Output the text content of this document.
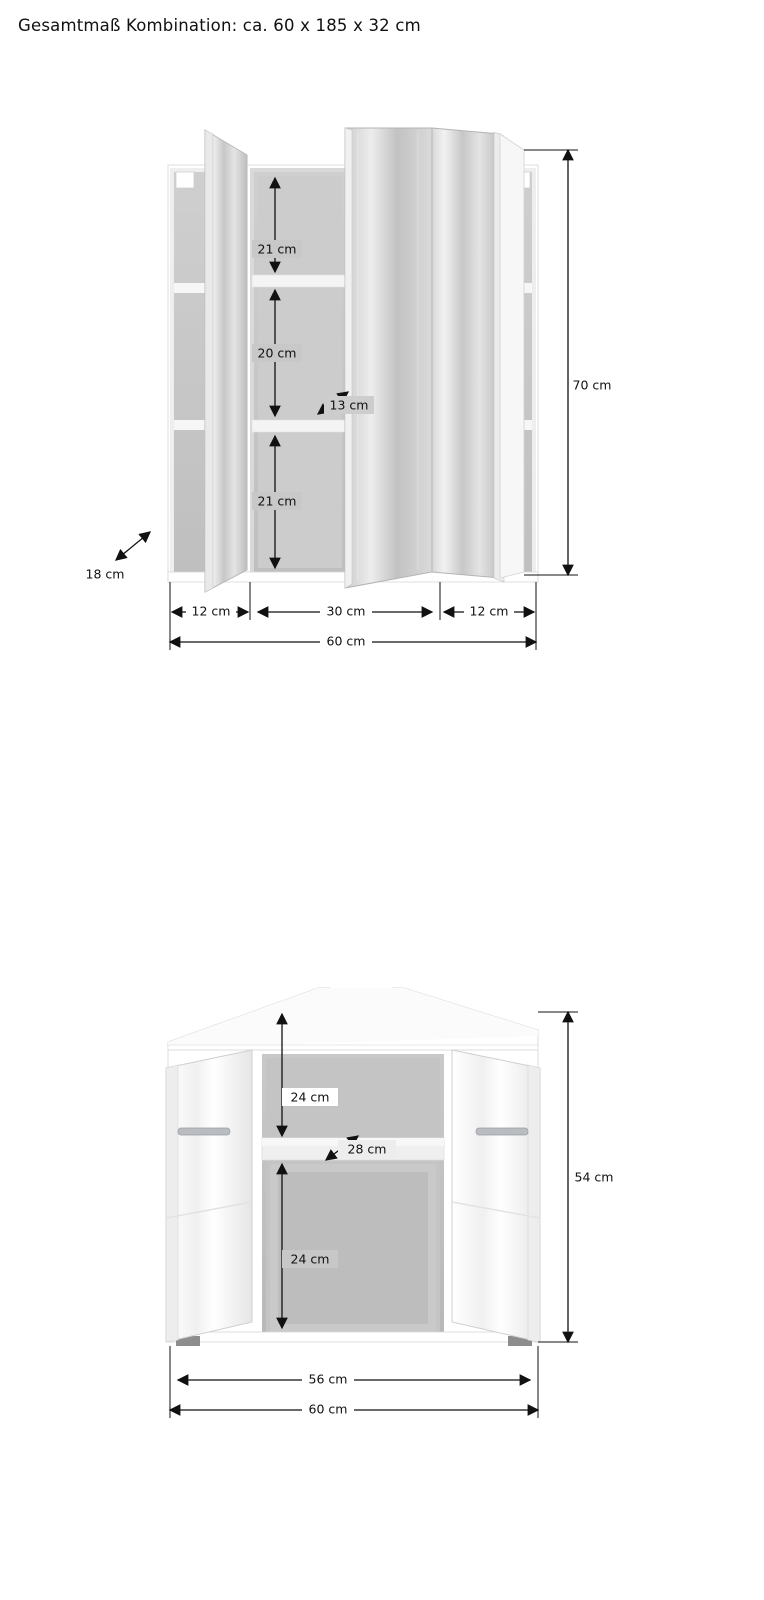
Gesamtmaß Kombination: ca. 60 x 185 x 32 cm
21 cm
20 cm
13 cm
21 cm
70 cm
18 cm
12 cm	30 cm	12 cm
60 cm
24 cm
28 cm
24 cm
54 cm
56 cm
60 cm
